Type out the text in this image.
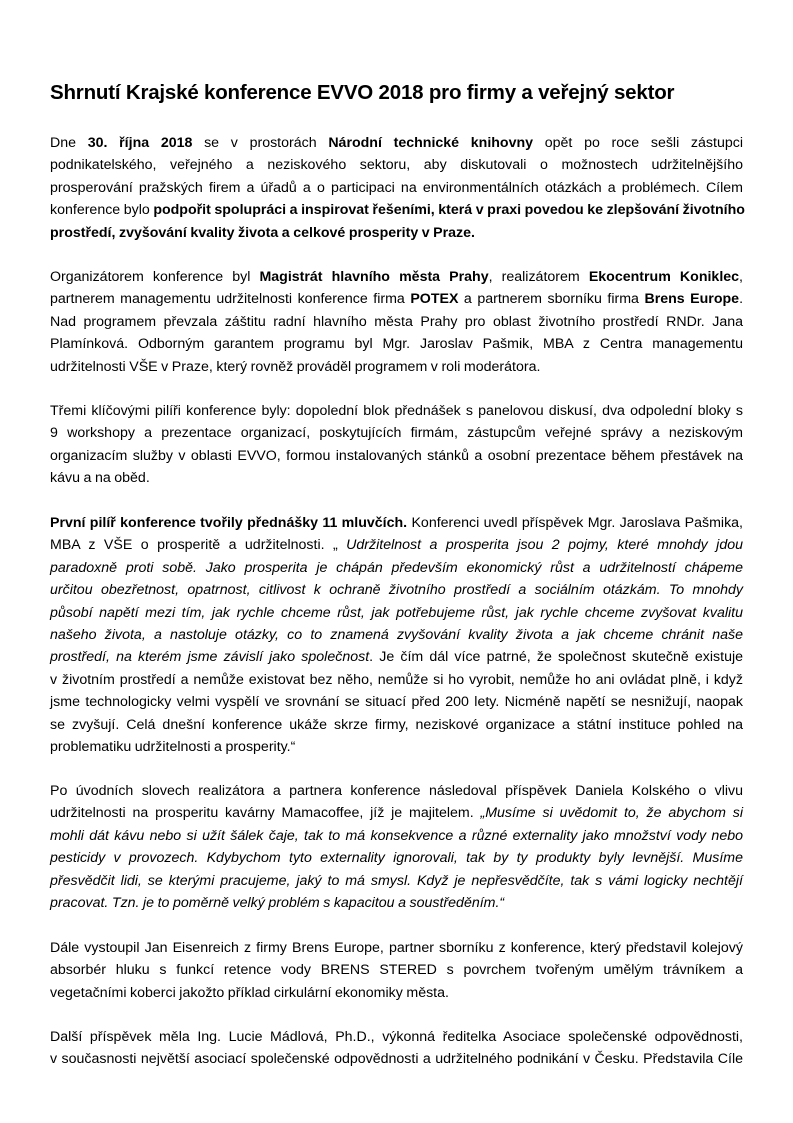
Shrnutí Krajské konference EVVO 2018 pro firmy a veřejný sektor
Dne 30. října 2018 se v prostorách Národní technické knihovny opět po roce sešli zástupci
podnikatelského, veřejného a neziskového sektoru, aby diskutovali o možnostech udržitelnějšího
prosperování pražských firem a úřadů a o participaci na environmentálních otázkách a problémech. Cílem
konference bylo podpořit spolupráci a inspirovat řešeními, která v praxi povedou ke zlepšování životního
prostředí, zvyšování kvality života a celkové prosperity v Praze.
Organizátorem konference byl Magistrát hlavního města Prahy, realizátorem Ekocentrum Koniklec,
partnerem managementu udržitelnosti konference firma POTEX a partnerem sborníku firma Brens Europe.
Nad programem převzala záštitu radní hlavního města Prahy pro oblast životního prostředí RNDr. Jana
Plamínková. Odborným garantem programu byl Mgr. Jaroslav Pašmik, MBA z Centra managementu
udržitelnosti VŠE v Praze, který rovněž prováděl programem v roli moderátora.
Třemi klíčovými pilíři konference byly: dopolední blok přednášek s panelovou diskusí, dva odpolední bloky s
9 workshopy a prezentace organizací, poskytujících firmám, zástupcům veřejné správy a neziskovým
organizacím služby v oblasti EVVO, formou instalovaných stánků a osobní prezentace během přestávek na
kávu a na oběd.
První pilíř konference tvořily přednášky 11 mluvčích. Konferenci uvedl příspěvek Mgr. Jaroslava Pašmika,
MBA z VŠE o prosperitě a udržitelnosti. „ Udržitelnost a prosperita jsou 2 pojmy, které mnohdy jdou
paradoxně proti sobě. Jako prosperita je chápán především ekonomický růst a udržitelností chápeme
určitou obezřetnost, opatrnost, citlivost k ochraně životního prostředí a sociálním otázkám. To mnohdy
působí napětí mezi tím, jak rychle chceme růst, jak potřebujeme růst, jak rychle chceme zvyšovat kvalitu
našeho života, a nastoluje otázky, co to znamená zvyšování kvality života a jak chceme chránit naše
prostředí, na kterém jsme závislí jako společnost. Je čím dál více patrné, že společnost skutečně existuje
v životním prostředí a nemůže existovat bez něho, nemůže si ho vyrobit, nemůže ho ani ovládat plně, i když
jsme technologicky velmi vyspělí ve srovnání se situací před 200 lety. Nicméně napětí se nesnižují, naopak
se zvyšují. Celá dnešní konference ukáže skrze firmy, neziskové organizace a státní instituce pohled na
problematiku udržitelnosti a prosperity.“
Po úvodních slovech realizátora a partnera konference následoval příspěvek Daniela Kolského o vlivu
udržitelnosti na prosperitu kavárny Mamacoffee, jíž je majitelem. „Musíme si uvědomit to, že abychom si
mohli dát kávu nebo si užít šálek čaje, tak to má konsekvence a různé externality jako množství vody nebo
pesticidy v provozech. Kdybychom tyto externality ignorovali, tak by ty produkty byly levnější. Musíme
přesvědčit lidi, se kterými pracujeme, jaký to má smysl. Když je nepřesvědčíte, tak s vámi logicky nechtějí
pracovat. Tzn. je to poměrně velký problém s kapacitou a soustředěním.“
Dále vystoupil Jan Eisenreich z firmy Brens Europe, partner sborníku z konference, který představil kolejový
absorbér hluku s funkcí retence vody BRENS STERED s povrchem tvořeným umělým trávníkem a
vegetačními koberci jakožto příklad cirkulární ekonomiky města.
Další příspěvek měla Ing. Lucie Mádlová, Ph.D., výkonná ředitelka Asociace společenské odpovědnosti,
v současnosti největší asociací společenské odpovědnosti a udržitelného podnikání v Česku. Představila Cíle
